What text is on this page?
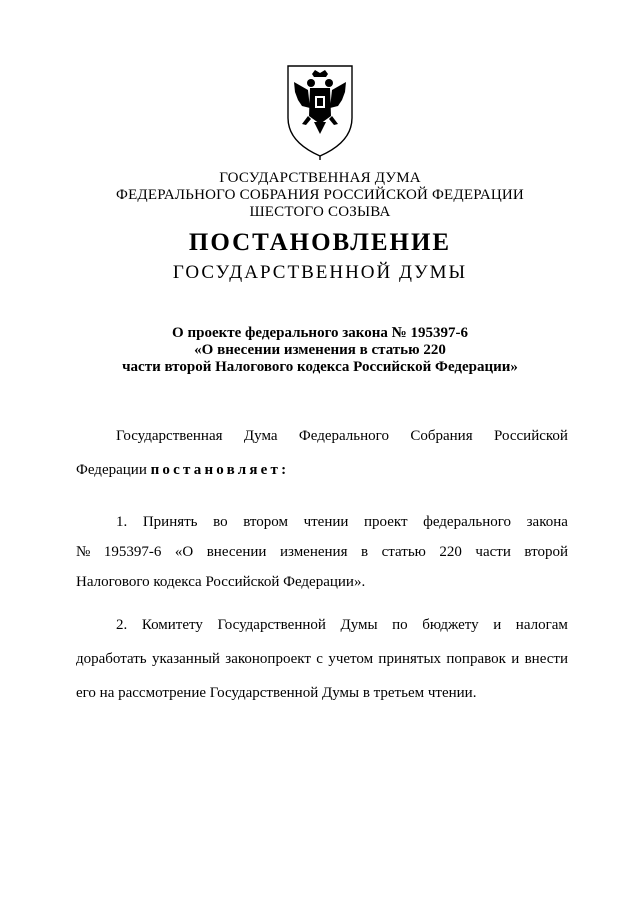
ГОСУДАРСТВЕННАЯ ДУМА
ФЕДЕРАЛЬНОГО СОБРАНИЯ РОССИЙСКОЙ ФЕДЕРАЦИИ
ШЕСТОГО СОЗЫВА
ПОСТАНОВЛЕНИЕ
ГОСУДАРСТВЕННОЙ ДУМЫ
О проекте федерального закона № 195397-6
«О внесении изменения в статью 220
части второй Налогового кодекса Российской Федерации»
Государственная Дума Федерального Собрания Российской
Федерации постановляет:
1. Принять во втором чтении проект федерального закона
№ 195397-6 «О внесении изменения в статью 220 части второй
Налогового кодекса Российской Федерации».
2. Комитету Государственной Думы по бюджету и налогам
доработать указанный законопроект с учетом принятых поправок и внести
его на рассмотрение Государственной Думы в третьем чтении.
